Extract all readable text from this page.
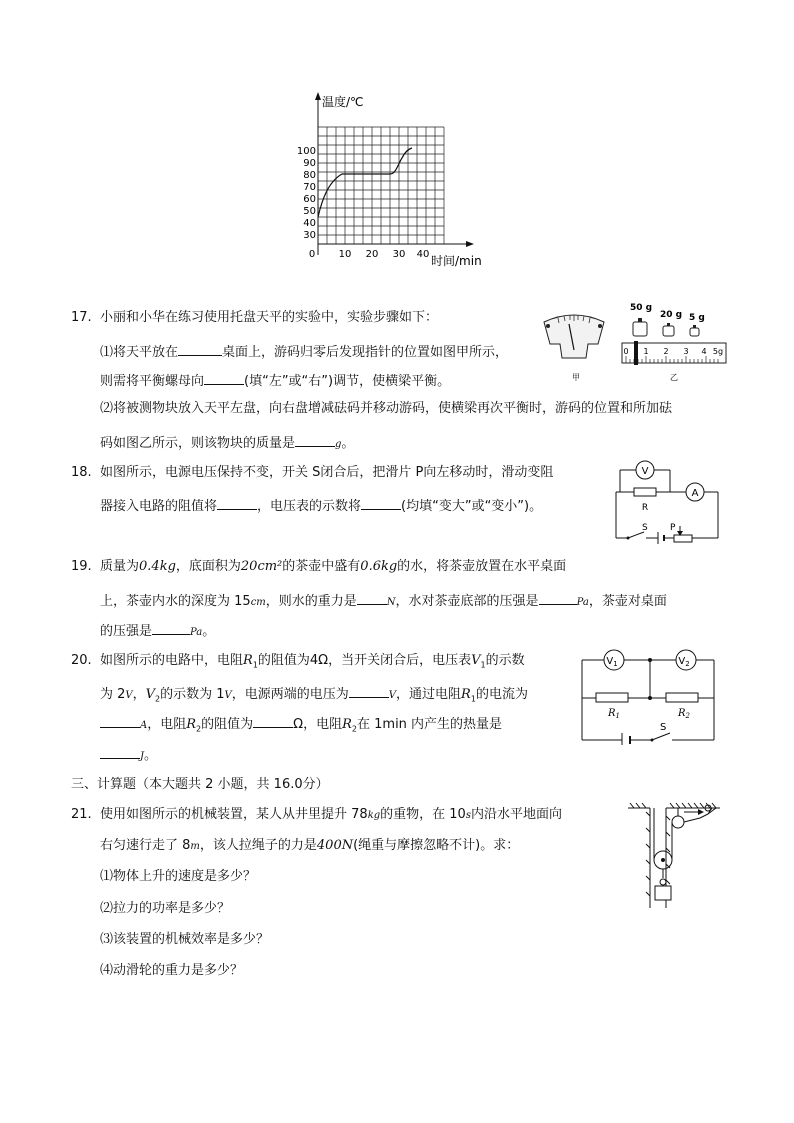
温度/℃
时间/min
100
90
80
70
60
50
40
30
0 10 20 30 40
17. 小丽和小华在练习使用托盘天平的实验中，实验步骤如下：
⑴将天平放在	桌面上，游码归零后发现指针的位置如图甲所示，
则需将平衡螺母向	(填“左”或“右”)调节，使横梁平衡。
⑵将被测物块放入天平左盘，向右盘增减砝码并移动游码，使横梁再次平衡时，游码的位置和所加砝
码如图乙所示，则该物块的质量是	g。
甲
50 g
20 g 5 g
0 1 2 3 4 5g
乙
18. 如图所示，电源电压保持不变，开关 S闭合后，把滑片 P向左移动时，滑动变阻
器接入电路的阻值将	，电压表的示数将	(均填“变大”或“变小”)。
V
R
A
S P
19. 质量为0.4kg，底面积为20cm²的茶壶中盛有0.6kg的水，将茶壶放置在水平桌面
上，茶壶内水的深度为 15cm，则水的重力是	N，水对茶壶底部的压强是	Pa，茶壶对桌面
的压强是	Pa。
20. 如图所示的电路中，电阻$R_1$的阻值为4Ω，当开关闭合后，电压表$V_1$的示数
为 2V，$V_2$的示数为 1V，电源两端的电压为	V，通过电阻$R_1$的电流为
A，电阻$R_2$的阻值为	Ω，电阻$R_2$在 1min 内产生的热量是
J。
$V_1$	$V_2$
$R_1$	$R_2$
S
三、计算题（本大题共 2 小题，共 16.0分）
21. 使用如图所示的机械装置，某人从井里提升 78kg的重物，在 10s内沿水平地面向
右匀速行走了 8m，该人拉绳子的力是400N(绳重与摩擦忽略不计)。求：
⑴物体上升的速度是多少？
⑵拉力的功率是多少？
⑶该装置的机械效率是多少？
⑷动滑轮的重力是多少？
